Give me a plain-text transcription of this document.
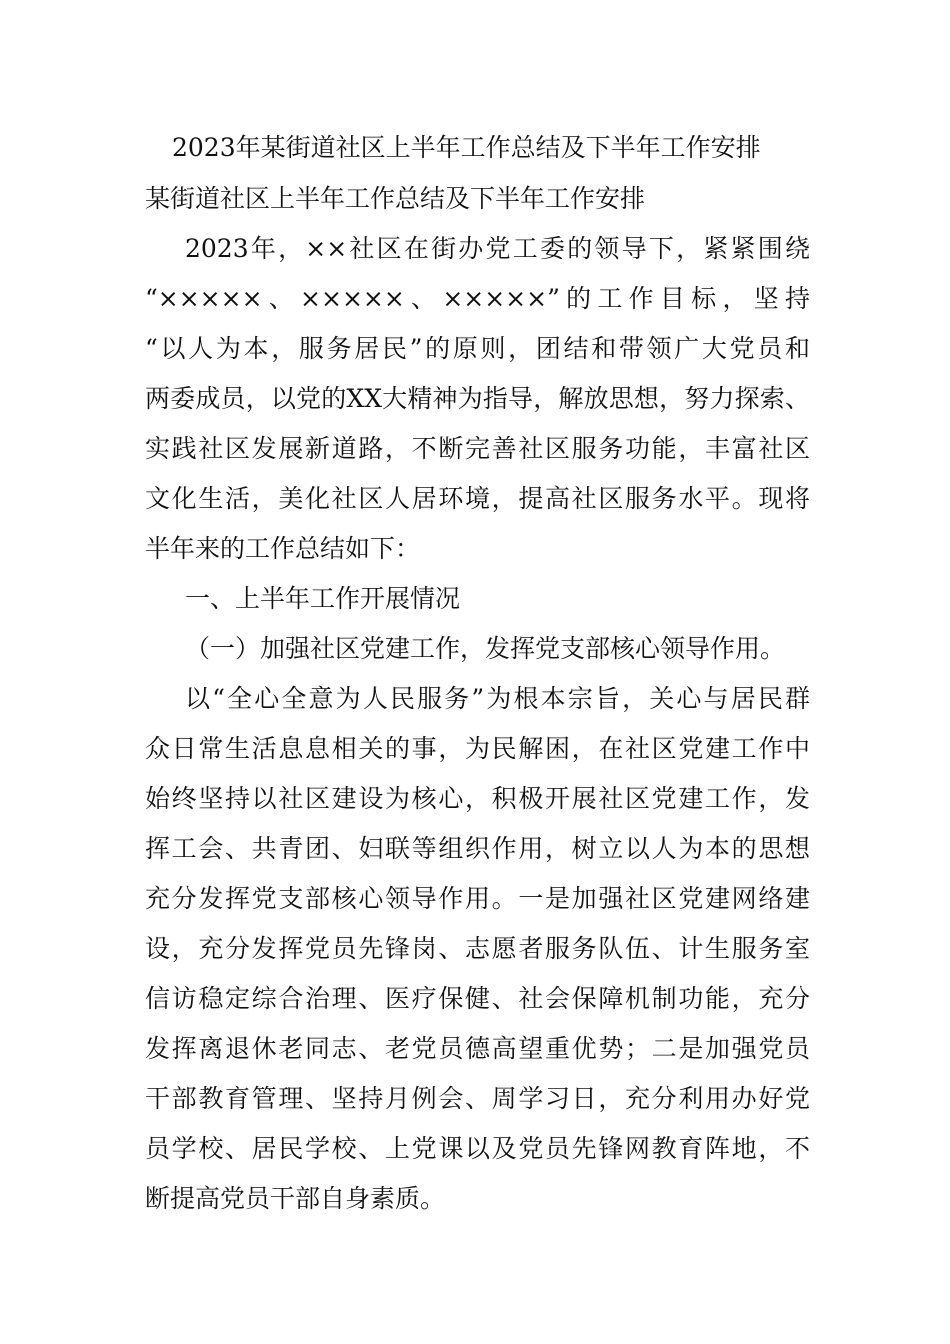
2023年某街道社区上半年工作总结及下半年工作安排
某街道社区上半年工作总结及下半年工作安排
2023年，××社区在街办党工委的领导下，紧紧围绕
“×××××、×××××、×××××”的工作目标，坚持
“以人为本，服务居民”的原则，团结和带领广大党员和
两委成员，以党的XX大精神为指导，解放思想，努力探索、
实践社区发展新道路，不断完善社区服务功能，丰富社区
文化生活，美化社区人居环境，提高社区服务水平。现将
半年来的工作总结如下：
一、上半年工作开展情况
（一）加强社区党建工作，发挥党支部核心领导作用。
以“全心全意为人民服务”为根本宗旨，关心与居民群
众日常生活息息相关的事，为民解困，在社区党建工作中
始终坚持以社区建设为核心，积极开展社区党建工作，发
挥工会、共青团、妇联等组织作用，树立以人为本的思想
充分发挥党支部核心领导作用。一是加强社区党建网络建
设，充分发挥党员先锋岗、志愿者服务队伍、计生服务室
信访稳定综合治理、医疗保健、社会保障机制功能，充分
发挥离退休老同志、老党员德高望重优势；二是加强党员
干部教育管理、坚持月例会、周学习日，充分利用办好党
员学校、居民学校、上党课以及党员先锋网教育阵地，不
断提高党员干部自身素质。
